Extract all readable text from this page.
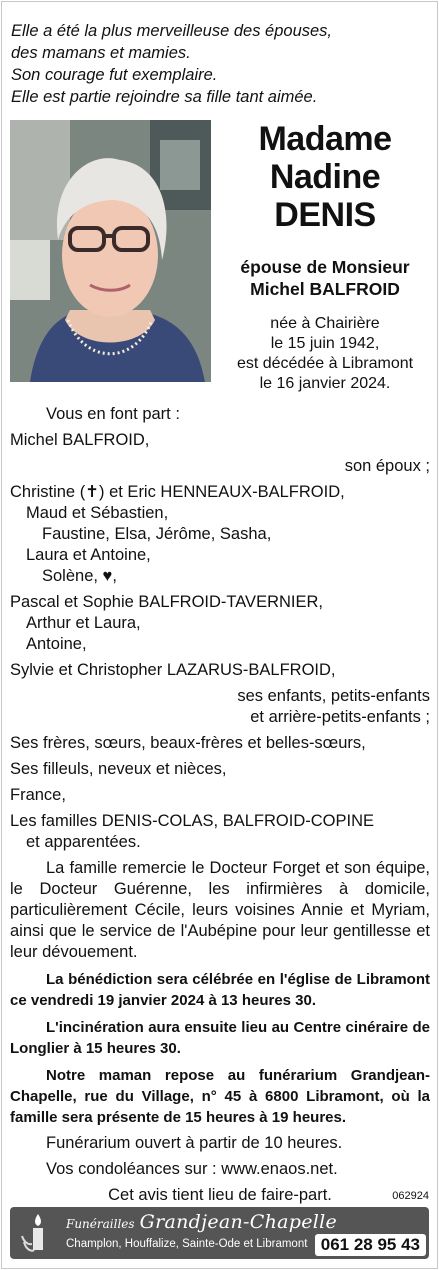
Elle a été la plus merveilleuse des épouses,
des mamans et mamies.
Son courage fut exemplaire.
Elle est partie rejoindre sa fille tant aimée.
Madame
Nadine
DENIS
épouse de Monsieur
Michel BALFROID
née à Chairière
le 15 juin 1942,
est décédée à Libramont
le 16 janvier 2024.
Vous en font part :
Michel BALFROID,
son époux ;
Christine (✝) et Eric HENNEAUX-BALFROID,
Maud et Sébastien,
Faustine, Elsa, Jérôme, Sasha,
Laura et Antoine,
Solène, ♥,
Pascal et Sophie BALFROID-TAVERNIER,
Arthur et Laura,
Antoine,
Sylvie et Christopher LAZARUS-BALFROID,
ses enfants, petits-enfants
et arrière-petits-enfants ;
Ses frères, sœurs, beaux-frères et belles-sœurs,
Ses filleuls, neveux et nièces,
France,
Les familles DENIS-COLAS, BALFROID-COPINE
et apparentées.
La famille remercie le Docteur Forget et son équipe, le Docteur Guérenne, les infirmières à domicile, particulièrement Cécile, leurs voisines Annie et Myriam, ainsi que le service de l'Aubépine pour leur gentillesse et leur dévouement.
La bénédiction sera célébrée en l'église de Libramont ce vendredi 19 janvier 2024 à 13 heures 30.
L'incinération aura ensuite lieu au Centre cinéraire de Longlier à 15 heures 30.
Notre maman repose au funérarium Grandjean-Chapelle, rue du Village, n° 45 à 6800 Libramont, où la famille sera présente de 15 heures à 19 heures.
Funérarium ouvert à partir de 10 heures.
Vos condoléances sur : www.enaos.net.
Cet avis tient lieu de faire-part.	062924
Funérailles Grandjean-Chapelle
Champlon, Houffalize, Sainte-Ode et Libramont 061 28 95 43
